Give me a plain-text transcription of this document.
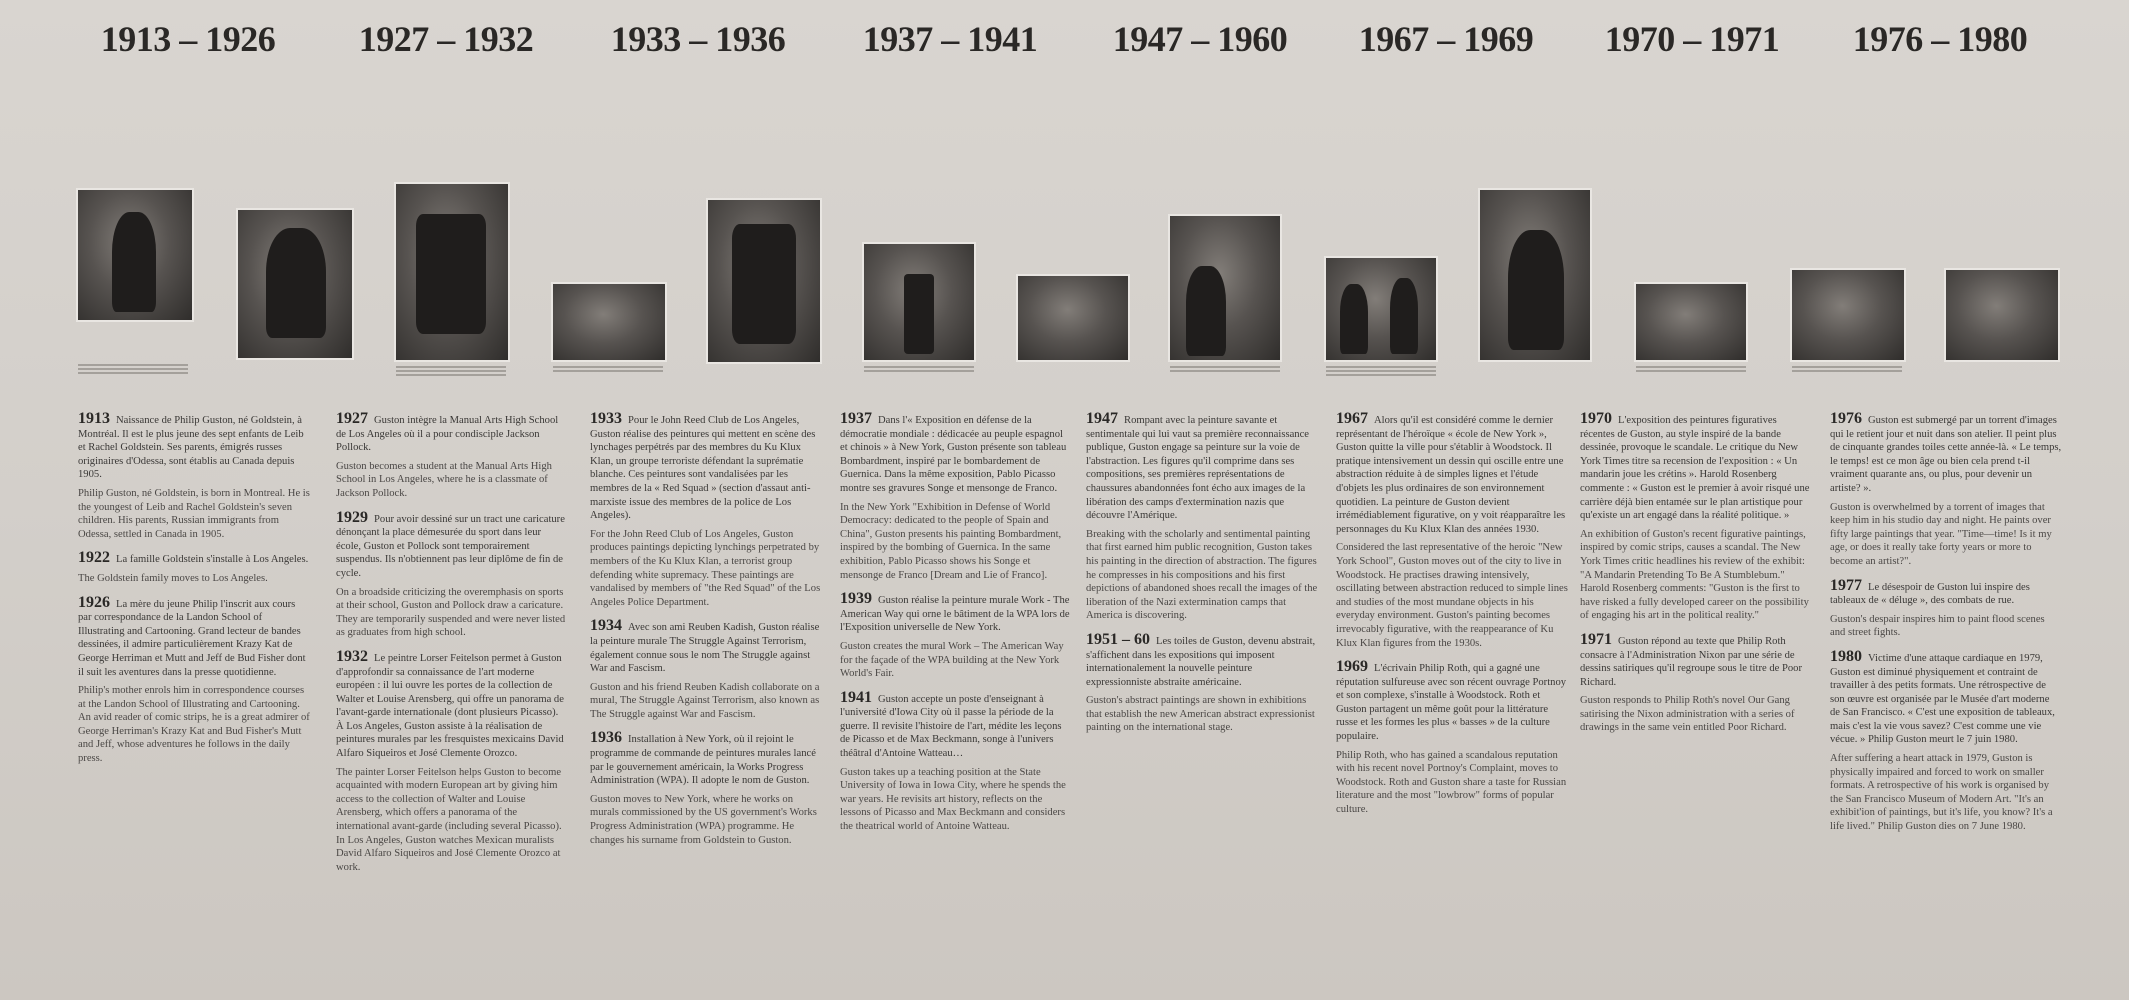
1913 – 1926

1913 Naissance de Philip Guston, né Goldstein, à Montréal. Il est le plus jeune des sept enfants de Leib et Rachel Goldstein. Ses parents, émigrés russes originaires d'Odessa, sont établis au Canada depuis 1905.

Philip Guston, né Goldstein, is born in Montreal. He is the youngest of Leib and Rachel Goldstein's seven children. His parents, Russian immigrants from Odessa, settled in Canada in 1905.

1922 La famille Goldstein s'installe à Los Angeles.

The Goldstein family moves to Los Angeles.

1926 La mère du jeune Philip l'inscrit aux cours par correspondance de la Landon School of Illustrating and Cartooning. Grand lecteur de bandes dessinées, il admire particulièrement Krazy Kat de George Herriman et Mutt and Jeff de Bud Fisher dont il suit les aventures dans la presse quotidienne.

Philip's mother enrols him in correspondence courses at the Landon School of Illustrating and Cartooning. An avid reader of comic strips, he is a great admirer of George Herriman's Krazy Kat and Bud Fisher's Mutt and Jeff, whose adventures he follows in the daily press.

1927 – 1932

1927 Guston intègre la Manual Arts High School de Los Angeles où il a pour condisciple Jackson Pollock.

Guston becomes a student at the Manual Arts High School in Los Angeles, where he is a classmate of Jackson Pollock.

1929 Pour avoir dessiné sur un tract une caricature dénonçant la place démesurée du sport dans leur école, Guston et Pollock sont temporairement suspendus. Ils n'obtiennent pas leur diplôme de fin de cycle.

On a broadside criticizing the overemphasis on sports at their school, Guston and Pollock draw a caricature. They are temporarily suspended and were never listed as graduates from high school.

1932 Le peintre Lorser Feitelson permet à Guston d'approfondir sa connaissance de l'art moderne européen : il lui ouvre les portes de la collection de Walter et Louise Arensberg, qui offre un panorama de l'avant-garde internationale (dont plusieurs Picasso). À Los Angeles, Guston assiste à la réalisation de peintures murales par les fresquistes mexicains David Alfaro Siqueiros et José Clemente Orozco.

The painter Lorser Feitelson helps Guston to become acquainted with modern European art by giving him access to the collection of Walter and Louise Arensberg, which offers a panorama of the international avant-garde (including several Picasso). In Los Angeles, Guston watches Mexican muralists David Alfaro Siqueiros and José Clemente Orozco at work.

1933 – 1936

1933 Pour le John Reed Club de Los Angeles, Guston réalise des peintures qui mettent en scène des lynchages perpétrés par des membres du Ku Klux Klan, un groupe terroriste défendant la suprématie blanche. Ces peintures sont vandalisées par les membres de la « Red Squad » (section d'assaut anti-marxiste issue des membres de la police de Los Angeles).

For the John Reed Club of Los Angeles, Guston produces paintings depicting lynchings perpetrated by members of the Ku Klux Klan, a terrorist group defending white supremacy. These paintings are vandalised by members of "the Red Squad" of the Los Angeles Police Department.

1934 Avec son ami Reuben Kadish, Guston réalise la peinture murale The Struggle Against Terrorism, également connue sous le nom The Struggle against War and Fascism.

Guston and his friend Reuben Kadish collaborate on a mural, The Struggle Against Terrorism, also known as The Struggle against War and Fascism.

1936 Installation à New York, où il rejoint le programme de commande de peintures murales lancé par le gouvernement américain, la Works Progress Administration (WPA). Il adopte le nom de Guston.

Guston moves to New York, where he works on murals commissioned by the US government's Works Progress Administration (WPA) programme. He changes his surname from Goldstein to Guston.

1937 – 1941

1937 Dans l'« Exposition en défense de la démocratie mondiale : dédicacée au peuple espagnol et chinois » à New York, Guston présente son tableau Bombardment, inspiré par le bombardement de Guernica. Dans la même exposition, Pablo Picasso montre ses gravures Songe et mensonge de Franco.

In the New York "Exhibition in Defense of World Democracy: dedicated to the people of Spain and China", Guston presents his painting Bombardment, inspired by the bombing of Guernica. In the same exhibition, Pablo Picasso shows his Songe et mensonge de Franco [Dream and Lie of Franco].

1939 Guston réalise la peinture murale Work - The American Way qui orne le bâtiment de la WPA lors de l'Exposition universelle de New York.

Guston creates the mural Work – The American Way for the façade of the WPA building at the New York World's Fair.

1941 Guston accepte un poste d'enseignant à l'université d'Iowa City où il passe la période de la guerre. Il revisite l'histoire de l'art, médite les leçons de Picasso et de Max Beckmann, songe à l'univers théâtral d'Antoine Watteau…

Guston takes up a teaching position at the State University of Iowa in Iowa City, where he spends the war years. He revisits art history, reflects on the lessons of Picasso and Max Beckmann and considers the theatrical world of Antoine Watteau.

1947 – 1960

1947 Rompant avec la peinture savante et sentimentale qui lui vaut sa première reconnaissance publique, Guston engage sa peinture sur la voie de l'abstraction. Les figures qu'il comprime dans ses compositions, ses premières représentations de chaussures abandonnées font écho aux images de la libération des camps d'extermination nazis que découvre l'Amérique.

Breaking with the scholarly and sentimental painting that first earned him public recognition, Guston takes his painting in the direction of abstraction. The figures he compresses in his compositions and his first depictions of abandoned shoes recall the images of the liberation of the Nazi extermination camps that America is discovering.

1951 – 60 Les toiles de Guston, devenu abstrait, s'affichent dans les expositions qui imposent internationalement la nouvelle peinture expressionniste abstraite américaine.

Guston's abstract paintings are shown in exhibitions that establish the new American abstract expressionist painting on the international stage.

1967 – 1969

1967 Alors qu'il est considéré comme le dernier représentant de l'héroïque « école de New York », Guston quitte la ville pour s'établir à Woodstock. Il pratique intensivement un dessin qui oscille entre une abstraction réduite à de simples lignes et l'étude d'objets les plus ordinaires de son environnement quotidien. La peinture de Guston devient irrémédiablement figurative, on y voit réapparaître les personnages du Ku Klux Klan des années 1930.

Considered the last representative of the heroic "New York School", Guston moves out of the city to live in Woodstock. He practises drawing intensively, oscillating between abstraction reduced to simple lines and studies of the most mundane objects in his everyday environment. Guston's painting becomes irrevocably figurative, with the reappearance of Ku Klux Klan figures from the 1930s.

1969 L'écrivain Philip Roth, qui a gagné une réputation sulfureuse avec son récent ouvrage Portnoy et son complexe, s'installe à Woodstock. Roth et Guston partagent un même goût pour la littérature russe et les formes les plus « basses » de la culture populaire.

Philip Roth, who has gained a scandalous reputation with his recent novel Portnoy's Complaint, moves to Woodstock. Roth and Guston share a taste for Russian literature and the most "lowbrow" forms of popular culture.

1970 – 1971

1970 L'exposition des peintures figuratives récentes de Guston, au style inspiré de la bande dessinée, provoque le scandale. Le critique du New York Times titre sa recension de l'exposition : « Un mandarin joue les crétins ». Harold Rosenberg commente : « Guston est le premier à avoir risqué une carrière déjà bien entamée sur le plan artistique pour qu'existe un art engagé dans la réalité politique. »

An exhibition of Guston's recent figurative paintings, inspired by comic strips, causes a scandal. The New York Times critic headlines his review of the exhibit: "A Mandarin Pretending To Be A Stumblebum." Harold Rosenberg comments: "Guston is the first to have risked a fully developed career on the possibility of engaging his art in the political reality."

1971 Guston répond au texte que Philip Roth consacre à l'Administration Nixon par une série de dessins satiriques qu'il regroupe sous le titre de Poor Richard.

Guston responds to Philip Roth's novel Our Gang satirising the Nixon administration with a series of drawings in the same vein entitled Poor Richard.

1976 – 1980

1976 Guston est submergé par un torrent d'images qui le retient jour et nuit dans son atelier. Il peint plus de cinquante grandes toiles cette année-là. « Le temps, le temps! est ce mon âge ou bien cela prend t-il vraiment quarante ans, ou plus, pour devenir un artiste? ».

Guston is overwhelmed by a torrent of images that keep him in his studio day and night. He paints over fifty large paintings that year. "Time—time! Is it my age, or does it really take forty years or more to become an artist?".

1977 Le désespoir de Guston lui inspire des tableaux de « déluge », des combats de rue.

Guston's despair inspires him to paint flood scenes and street fights.

1980 Victime d'une attaque cardiaque en 1979, Guston est diminué physiquement et contraint de travailler à des petits formats. Une rétrospective de son œuvre est organisée par le Musée d'art moderne de San Francisco. « C'est une exposition de tableaux, mais c'est la vie vous savez? C'est comme une vie vécue. » Philip Guston meurt le 7 juin 1980.

After suffering a heart attack in 1979, Guston is physically impaired and forced to work on smaller formats. A retrospective of his work is organised by the San Francisco Museum of Modern Art. "It's an exhibit'ion of paintings, but it's life, you know? It's a life lived." Philip Guston dies on 7 June 1980.
